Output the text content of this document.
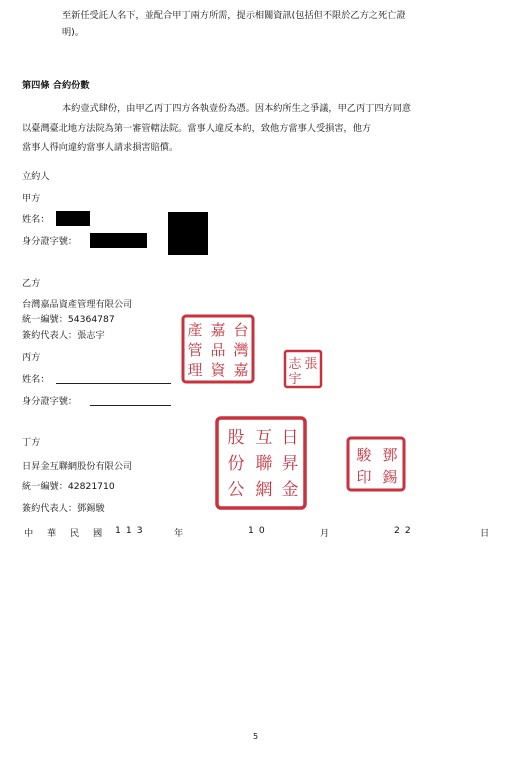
至新任受託人名下，並配合甲丁兩方所需，提示相關資訊(包括但不限於乙方之死亡證
明)。
第四條 合約份數
本約壹式肆份，由甲乙丙丁四方各執壹份為憑。因本約所生之爭議，甲乙丙丁四方同意
以臺灣臺北地方法院為第一審管轄法院。當事人違反本約，致他方當事人受損害，他方
當事人得向違約當事人請求損害賠償。
立約人
甲方
姓名：
身分證字號：
乙方
台灣嘉品資產管理有限公司
統一編號：54364787
簽約代表人：張志宇
丙方
姓名：
身分證字號：
丁方
日昇金互聯網股份有限公司
統一編號：42821710
簽約代表人：鄧錫駿
中 華 民 國 113	年	10	月	22	日
台
灣
嘉
嘉
品
資
產
管
理	張
志
宇
日
昇
金
互
聯
網
股
份
公
鄧
錫
駿
印
5
